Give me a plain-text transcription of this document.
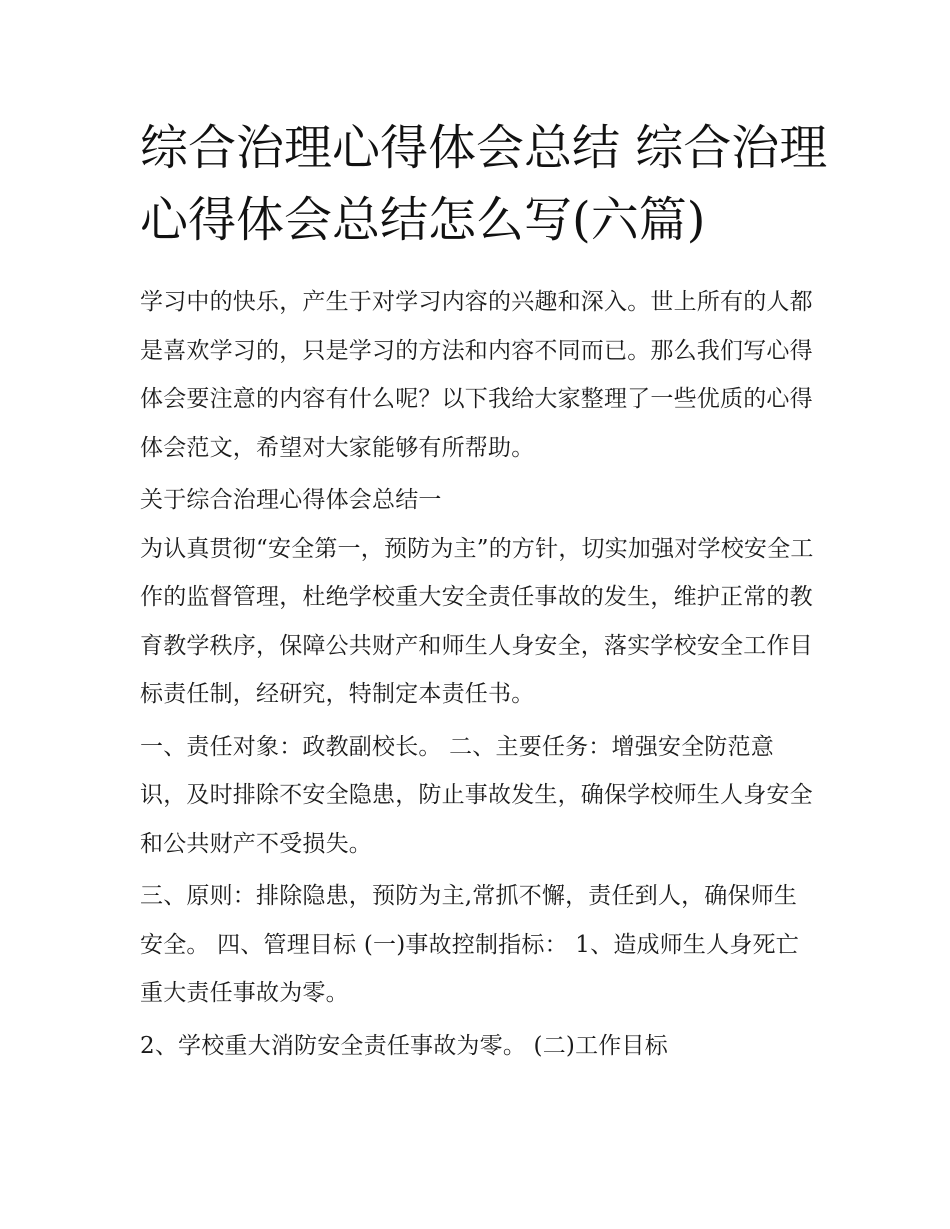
综合治理心得体会总结 综合治理心得体会总结怎么写(六篇)

学习中的快乐，产生于对学习内容的兴趣和深入。世上所有的人都是喜欢学习的，只是学习的方法和内容不同而已。那么我们写心得体会要注意的内容有什么呢？以下我给大家整理了一些优质的心得体会范文，希望对大家能够有所帮助。

关于综合治理心得体会总结一

为认真贯彻“安全第一，预防为主”的方针，切实加强对学校安全工作的监督管理，杜绝学校重大安全责任事故的发生，维护正常的教育教学秩序，保障公共财产和师生人身安全，落实学校安全工作目标责任制，经研究，特制定本责任书。

一、责任对象：政教副校长。 二、主要任务：增强安全防范意识，及时排除不安全隐患，防止事故发生，确保学校师生人身安全和公共财产不受损失。

三、原则：排除隐患，预防为主,常抓不懈，责任到人，确保师生安全。 四、管理目标 (一)事故控制指标： 1、造成师生人身死亡重大责任事故为零。

2、学校重大消防安全责任事故为零。 (二)工作目标
